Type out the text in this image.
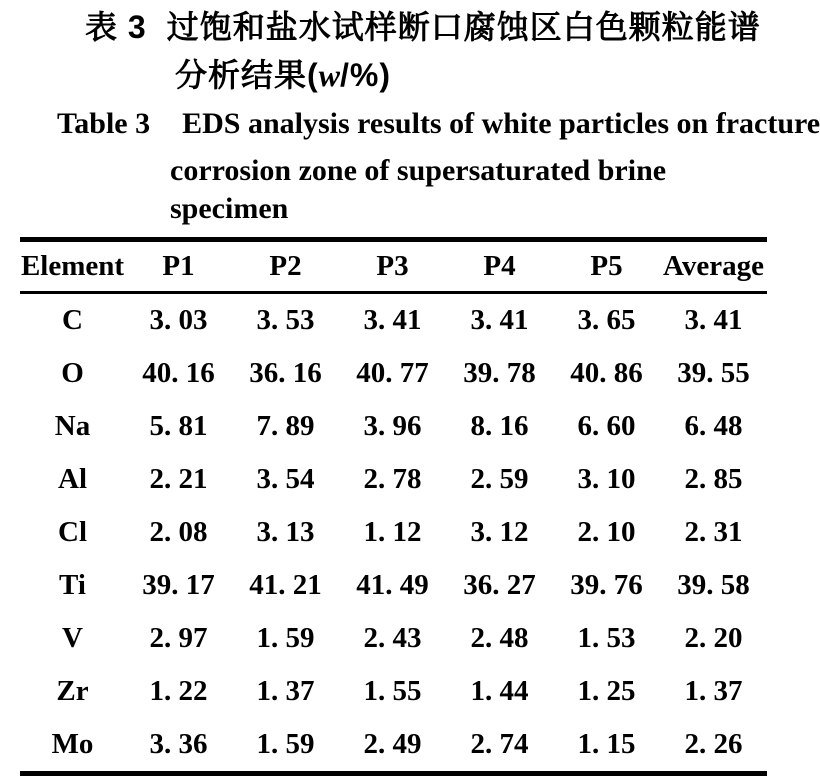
表 3 过饱和盐水试样断口腐蚀区白色颗粒能谱
分析结果(w/%)
Table 3 EDS analysis results of white particles on fracture
corrosion zone of supersaturated brine specimen
Element	P1	P2	P3	P4	P5	Average
C	3. 03	3. 53	3. 41	3. 41	3. 65	3. 41
O	40. 16	36. 16	40. 77	39. 78	40. 86	39. 55
Na	5. 81	7. 89	3. 96	8. 16	6. 60	6. 48
Al	2. 21	3. 54	2. 78	2. 59	3. 10	2. 85
Cl	2. 08	3. 13	1. 12	3. 12	2. 10	2. 31
Ti	39. 17	41. 21	41. 49	36. 27	39. 76	39. 58
V	2. 97	1. 59	2. 43	2. 48	1. 53	2. 20
Zr	1. 22	1. 37	1. 55	1. 44	1. 25	1. 37
Mo	3. 36	1. 59	2. 49	2. 74	1. 15	2. 26
